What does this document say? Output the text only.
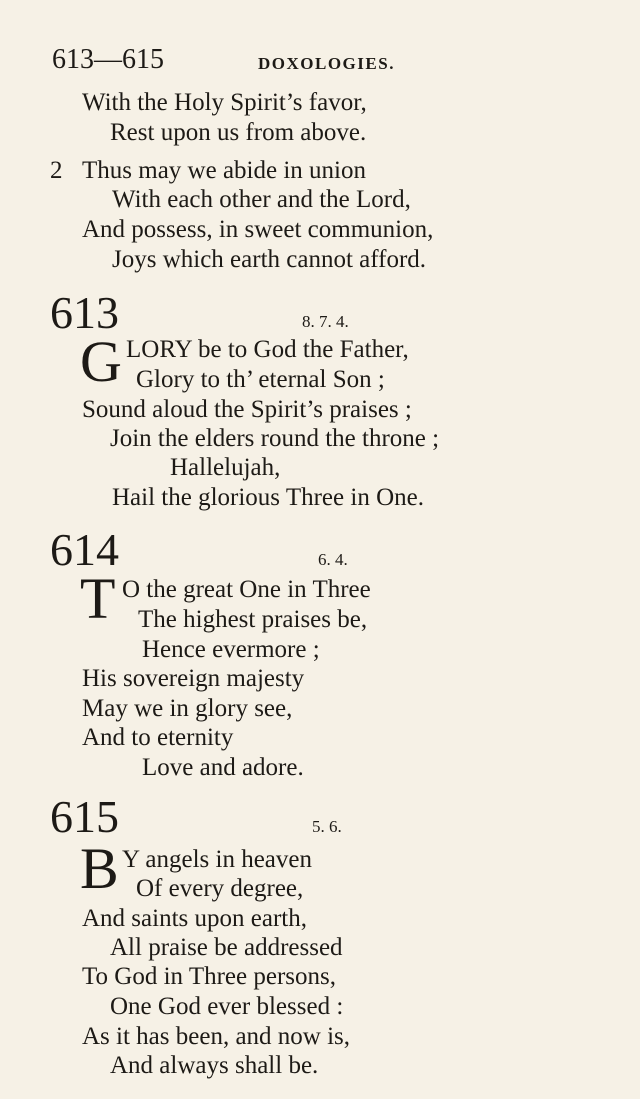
613—615	DOXOLOGIES.
With the Holy Spirit’s favor,
Rest upon us from above.
2 Thus may we abide in union
With each other and the Lord,
And possess, in sweet communion,
Joys which earth cannot afford.
613	8. 7. 4.
G LORY be to God the Father,
Glory to th’ eternal Son ;
Sound aloud the Spirit’s praises ;
Join the elders round the throne ;
Hallelujah,
Hail the glorious Three in One.
614	6. 4.
T O the great One in Three
The highest praises be,
Hence evermore ;
His sovereign majesty
May we in glory see,
And to eternity
Love and adore.
615	5. 6.
B Y angels in heaven
Of every degree,
And saints upon earth,
All praise be addressed
To God in Three persons,
One God ever blessed :
As it has been, and now is,
And always shall be.
